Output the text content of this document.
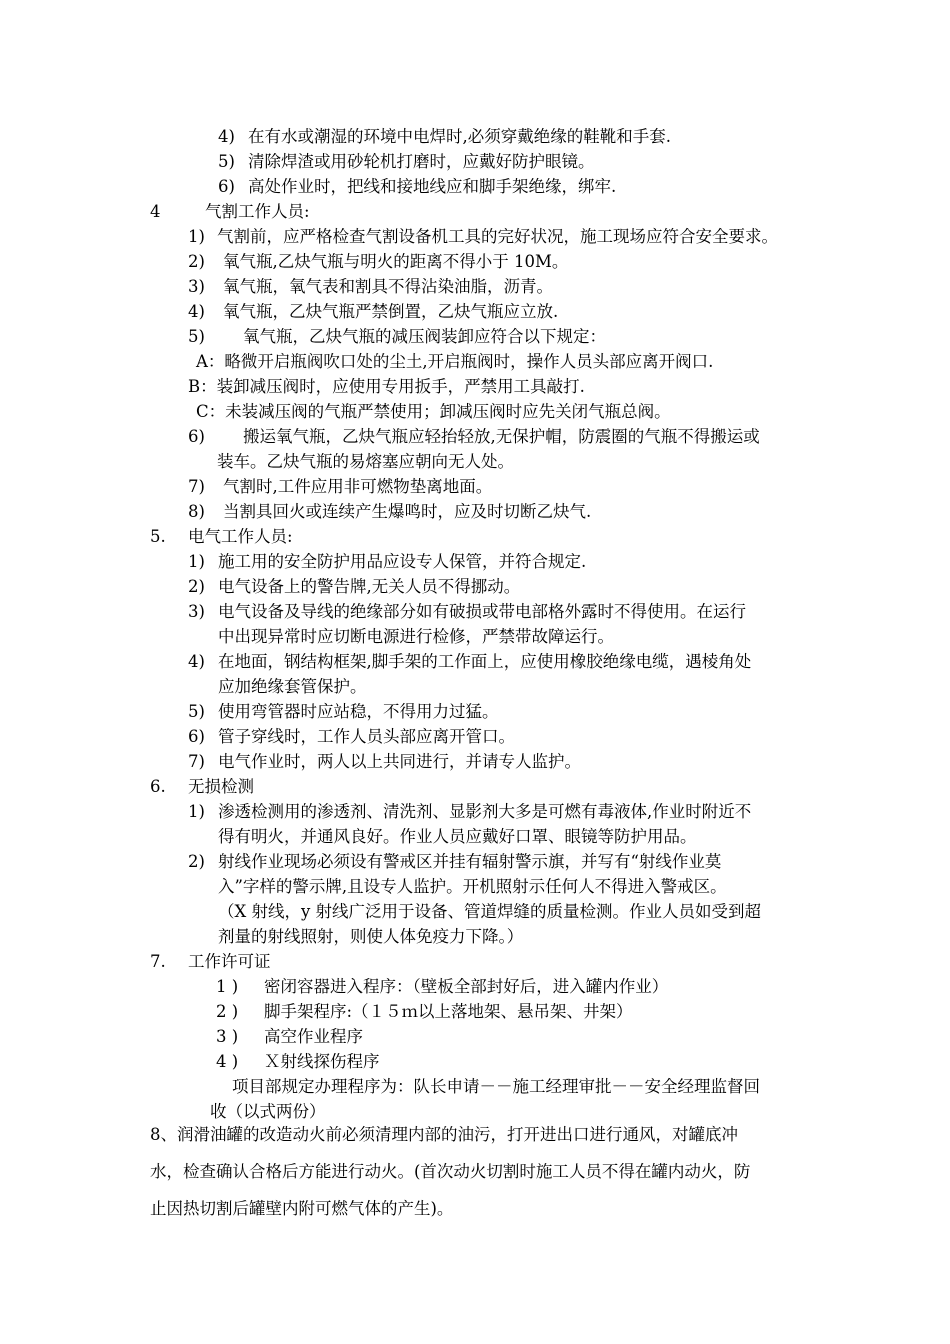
4) 在有水或潮湿的环境中电焊时,必须穿戴绝缘的鞋靴和手套.
5) 清除焊渣或用砂轮机打磨时，应戴好防护眼镜。
6) 高处作业时，把线和接地线应和脚手架绝缘，绑牢.
4	气割工作人员:
1) 气割前，应严格检查气割设备机工具的完好状况，施工现场应符合安全要求。
2) 氧气瓶,乙炔气瓶与明火的距离不得小于 10M。
3) 氧气瓶，氧气表和割具不得沾染油脂，沥青。
4) 氧气瓶，乙炔气瓶严禁倒置，乙炔气瓶应立放.
5) 氧气瓶，乙炔气瓶的减压阀装卸应符合以下规定：
A：略微开启瓶阀吹口处的尘土,开启瓶阀时，操作人员头部应离开阀口.
B：装卸减压阀时，应使用专用扳手，严禁用工具敲打.
C：未装减压阀的气瓶严禁使用；卸减压阀时应先关闭气瓶总阀。
6) 搬运氧气瓶，乙炔气瓶应轻抬轻放,无保护帽，防震圈的气瓶不得搬运或
装车。乙炔气瓶的易熔塞应朝向无人处。
7) 气割时,工件应用非可燃物垫离地面。
8) 当割具回火或连续产生爆鸣时，应及时切断乙炔气.
5. 电气工作人员:
1) 施工用的安全防护用品应设专人保管，并符合规定.
2) 电气设备上的警告牌,无关人员不得挪动。
3) 电气设备及导线的绝缘部分如有破损或带电部格外露时不得使用。在运行
中出现异常时应切断电源进行检修，严禁带故障运行。
4) 在地面，钢结构框架,脚手架的工作面上，应使用橡胶绝缘电缆，遇棱角处
应加绝缘套管保护。
5) 使用弯管器时应站稳，不得用力过猛。
6) 管子穿线时，工作人员头部应离开管口。
7) 电气作业时，两人以上共同进行，并请专人监护。
6. 无损检测
1) 渗透检测用的渗透剂、清洗剂、显影剂大多是可燃有毒液体,作业时附近不
得有明火，并通风良好。作业人员应戴好口罩、眼镜等防护用品。
2) 射线作业现场必须设有警戒区并挂有辐射警示旗，并写有“射线作业莫
入”字样的警示牌,且设专人监护。开机照射示任何人不得进入警戒区。
（X 射线，y 射线广泛用于设备、管道焊缝的质量检测。作业人员如受到超
剂量的射线照射，则使人体免疫力下降。）
7. 工作许可证
1 ) 密闭容器进入程序：（壁板全部封好后，进入罐内作业）
2 ) 脚手架程序:（１５ｍ以上落地架、悬吊架、井架）
3 ) 高空作业程序
4 ) Ｘ射线探伤程序
项目部规定办理程序为：队长申请－－施工经理审批－－安全经理监督回
收（以式两份）
8、润滑油罐的改造动火前必须清理内部的油污，打开进出口进行通风，对罐底冲
水，检查确认合格后方能进行动火。(首次动火切割时施工人员不得在罐内动火，防
止因热切割后罐壁内附可燃气体的产生)。
